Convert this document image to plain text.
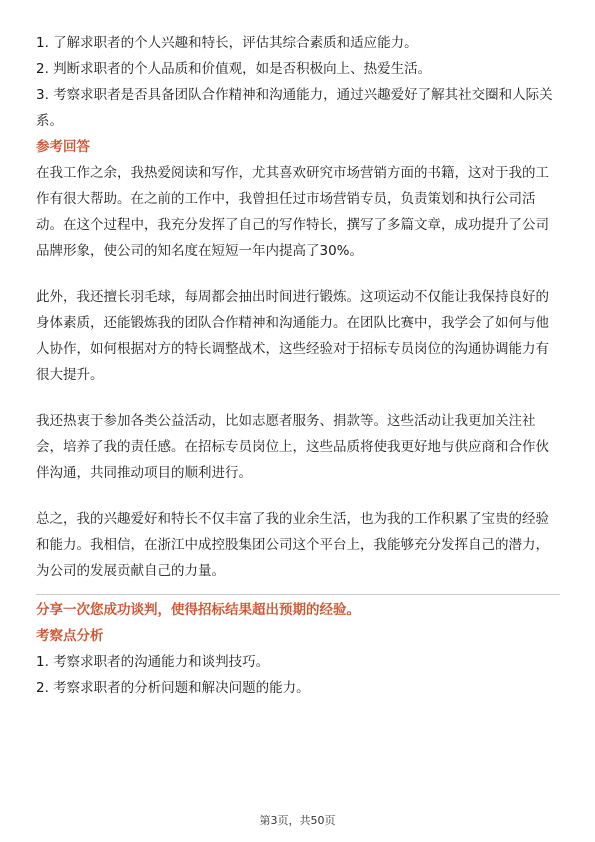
1. 了解求职者的个人兴趣和特长，评估其综合素质和适应能力。

2. 判断求职者的个人品质和价值观，如是否积极向上、热爱生活。

3. 考察求职者是否具备团队合作精神和沟通能力，通过兴趣爱好了解其社交圈和人际关系。

参考回答

在我工作之余，我热爱阅读和写作，尤其喜欢研究市场营销方面的书籍，这对于我的工作有很大帮助。在之前的工作中，我曾担任过市场营销专员，负责策划和执行公司活动。在这个过程中，我充分发挥了自己的写作特长，撰写了多篇文章，成功提升了公司品牌形象，使公司的知名度在短短一年内提高了30%。

此外，我还擅长羽毛球，每周都会抽出时间进行锻炼。这项运动不仅能让我保持良好的身体素质，还能锻炼我的团队合作精神和沟通能力。在团队比赛中，我学会了如何与他人协作，如何根据对方的特长调整战术，这些经验对于招标专员岗位的沟通协调能力有很大提升。

我还热衷于参加各类公益活动，比如志愿者服务、捐款等。这些活动让我更加关注社会，培养了我的责任感。在招标专员岗位上，这些品质将使我更好地与供应商和合作伙伴沟通，共同推动项目的顺利进行。

总之，我的兴趣爱好和特长不仅丰富了我的业余生活，也为我的工作积累了宝贵的经验和能力。我相信，在浙江中成控股集团公司这个平台上，我能够充分发挥自己的潜力，为公司的发展贡献自己的力量。

分享一次您成功谈判，使得招标结果超出预期的经验。
考察点分析

1. 考察求职者的沟通能力和谈判技巧。

2. 考察求职者的分析问题和解决问题的能力。

第3页，共50页
